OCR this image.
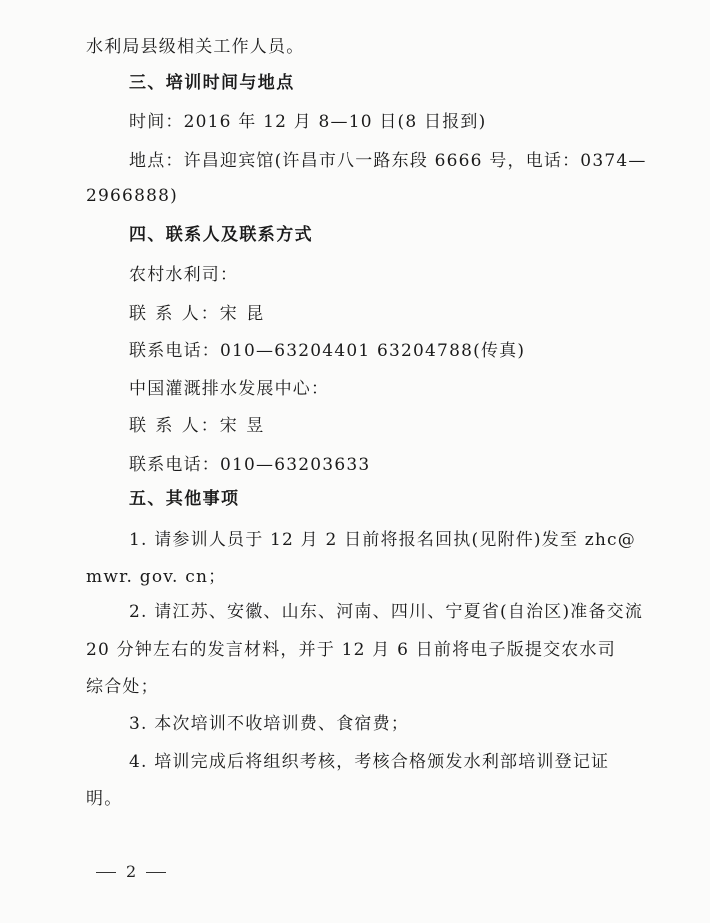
水利局县级相关工作人员。
三、培训时间与地点
时间：2016 年 12 月 8—10 日(8 日报到)
地点：许昌迎宾馆(许昌市八一路东段 6666 号，电话：0374—
2966888)
四、联系人及联系方式
农村水利司：
联 系 人：宋 昆
联系电话：010—63204401 63204788(传真)
中国灌溉排水发展中心：
联 系 人：宋 昱
联系电话：010—63203633
五、其他事项
1. 请参训人员于 12 月 2 日前将报名回执(见附件)发至 zhc@
mwr. gov. cn；
2. 请江苏、安徽、山东、河南、四川、宁夏省(自治区)准备交流
20 分钟左右的发言材料，并于 12 月 6 日前将电子版提交农水司
综合处；
3. 本次培训不收培训费、食宿费；
4. 培训完成后将组织考核，考核合格颁发水利部培训登记证
明。
2
